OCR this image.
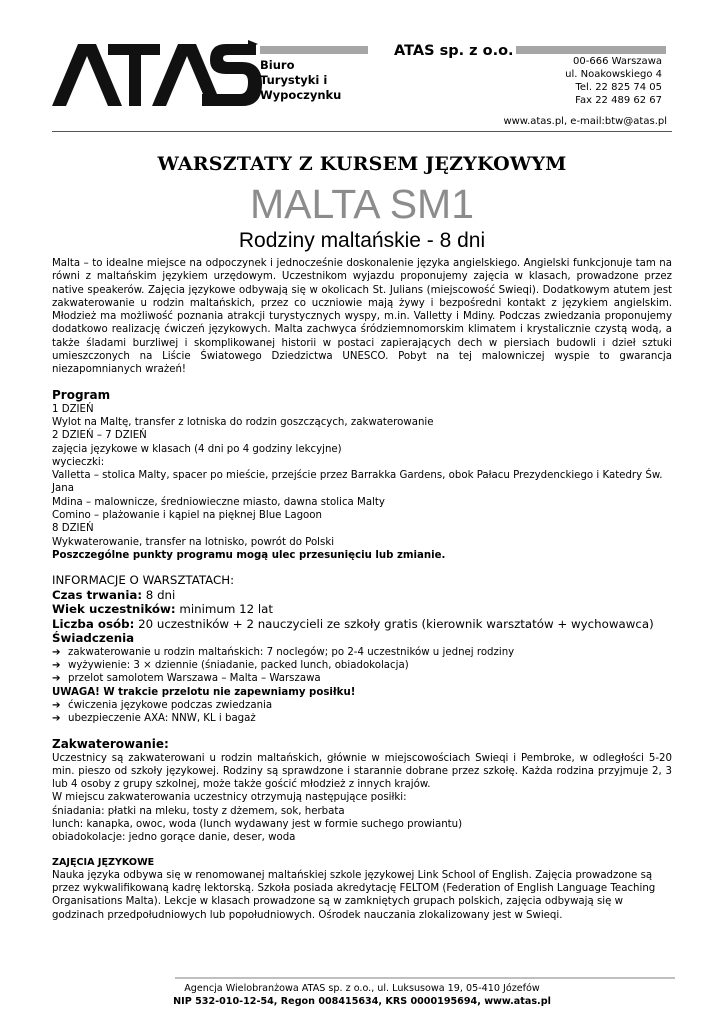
Biuro
Turystyki i
Wypoczynku
ATAS sp. z o.o.
00-666 Warszawa
ul. Noakowskiego 4
Tel. 22 825 74 05
Fax 22 489 62 67
www.atas.pl, e-mail:btw@atas.pl
WARSZTATY Z KURSEM JĘZYKOWYM
MALTA SM1
Rodziny maltańskie - 8 dni

Malta – to idealne miejsce na odpoczynek i jednocześnie doskonalenie języka angielskiego. Angielski funkcjonuje tam na równi z maltańskim językiem urzędowym. Uczestnikom wyjazdu proponujemy zajęcia w klasach, prowadzone przez native speakerów. Zajęcia językowe odbywają się w okolicach St. Julians (miejscowość Swieqi). Dodatkowym atutem jest zakwaterowanie u rodzin maltańskich, przez co uczniowie mają żywy i bezpośredni kontakt z językiem angielskim. Młodzież ma możliwość poznania atrakcji turystycznych wyspy, m.in. Valletty i Mdiny. Podczas zwiedzania proponujemy dodatkowo realizację ćwiczeń językowych. Malta zachwyca śródziemnomorskim klimatem i krystalicznie czystą wodą, a także śladami burzliwej i skomplikowanej historii w postaci zapierających dech w piersiach budowli i dzieł sztuki umieszczonych na Liście Światowego Dziedzictwa UNESCO. Pobyt na tej malowniczej wyspie to gwarancja niezapomnianych wrażeń!

Program

1 DZIEŃ

Wylot na Maltę, transfer z lotniska do rodzin goszczących, zakwaterowanie

2 DZIEŃ – 7 DZIEŃ

zajęcia językowe w klasach (4 dni po 4 godziny lekcyjne)

wycieczki:

Valletta – stolica Malty, spacer po mieście, przejście przez Barrakka Gardens, obok Pałacu Prezydenckiego i Katedry Św. Jana

Mdina – malownicze, średniowieczne miasto, dawna stolica Malty

Comino – plażowanie i kąpiel na pięknej Blue Lagoon

8 DZIEŃ

Wykwaterowanie, transfer na lotnisko, powrót do Polski

Poszczególne punkty programu mogą ulec przesunięciu lub zmianie.

INFORMACJE O WARSZTATACH:

Czas trwania: 8 dni

Wiek uczestników: minimum 12 lat

Liczba osób: 20 uczestników + 2 nauczycieli ze szkoły gratis (kierownik warsztatów + wychowawca)

Świadczenia

➔ zakwaterowanie u rodzin maltańskich: 7 noclegów; po 2-4 uczestników u jednej rodziny

➔ wyżywienie: 3 × dziennie (śniadanie, packed lunch, obiadokolacja)

➔ przelot samolotem Warszawa – Malta – Warszawa

UWAGA! W trakcie przelotu nie zapewniamy posiłku!

➔ ćwiczenia językowe podczas zwiedzania

➔ ubezpieczenie AXA: NNW, KL i bagaż

Zakwaterowanie:

Uczestnicy są zakwaterowani u rodzin maltańskich, głównie w miejscowościach Swieqi i Pembroke, w odległości 5-20 min. pieszo od szkoły językowej. Rodziny są sprawdzone i starannie dobrane przez szkołę. Każda rodzina przyjmuje 2, 3 lub 4 osoby z grupy szkolnej, może także gościć młodzież z innych krajów.

W miejscu zakwaterowania uczestnicy otrzymują następujące posiłki:

śniadania: płatki na mleku, tosty z dżemem, sok, herbata

lunch: kanapka, owoc, woda (lunch wydawany jest w formie suchego prowiantu)

obiadokolacje: jedno gorące danie, deser, woda

ZAJĘCIA JĘZYKOWE

Nauka języka odbywa się w renomowanej maltańskiej szkole językowej Link School of English. Zajęcia prowadzone są przez wykwalifikowaną kadrę lektorską. Szkoła posiada akredytację FELTOM (Federation of English Language Teaching Organisations Malta). Lekcje w klasach prowadzone są w zamkniętych grupach polskich, zajęcia odbywają się w godzinach przedpołudniowych lub popołudniowych. Ośrodek nauczania zlokalizowany jest w Swieqi.

Agencja Wielobranżowa ATAS sp. z o.o., ul. Luksusowa 19, 05-410 Józefów
NIP 532-010-12-54, Regon 008415634, KRS 0000195694, www.atas.pl
